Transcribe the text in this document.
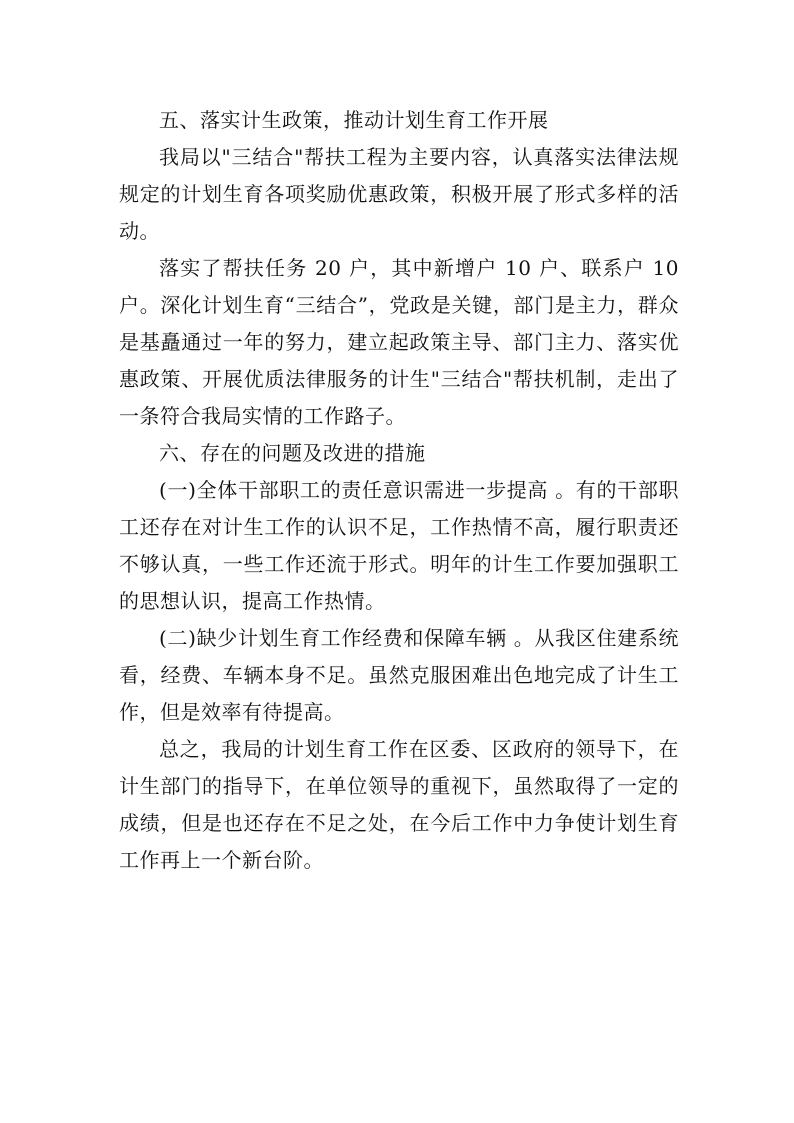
五、落实计生政策，推动计划生育工作开展

我局以"三结合"帮扶工程为主要内容，认真落实法律法规规定的计划生育各项奖励优惠政策，积极开展了形式多样的活动。

落实了帮扶任务 20 户，其中新增户 10 户、联系户 10 户。深化计划生育“三结合”，党政是关键，部门是主力，群众是基矗通过一年的努力，建立起政策主导、部门主力、落实优惠政策、开展优质法律服务的计生"三结合"帮扶机制，走出了一条符合我局实情的工作路子。

六、存在的问题及改进的措施

(一)全体干部职工的责任意识需进一步提高 。有的干部职工还存在对计生工作的认识不足，工作热情不高，履行职责还不够认真，一些工作还流于形式。明年的计生工作要加强职工的思想认识，提高工作热情。

(二)缺少计划生育工作经费和保障车辆 。从我区住建系统看，经费、车辆本身不足。虽然克服困难出色地完成了计生工作，但是效率有待提高。

总之，我局的计划生育工作在区委、区政府的领导下，在计生部门的指导下，在单位领导的重视下，虽然取得了一定的成绩，但是也还存在不足之处，在今后工作中力争使计划生育工作再上一个新台阶。
